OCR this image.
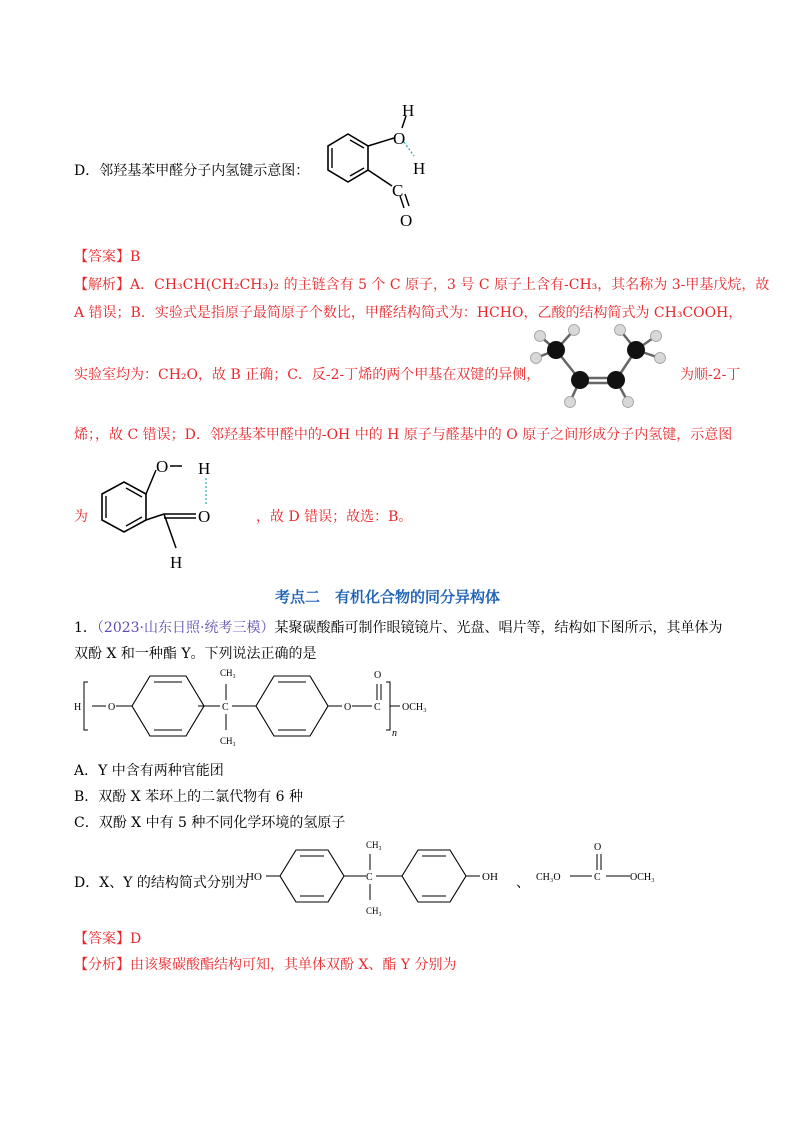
D．邻羟基苯甲醛分子内氢键示意图：
H
O
H
C
O
【答案】B
【解析】A．CH₃CH(CH₂CH₃)₂ 的主链含有 5 个 C 原子，3 号 C 原子上含有-CH₃，其名称为 3-甲基戊烷，故
A 错误；B．实验式是指原子最简原子个数比，甲醛结构简式为：HCHO，乙酸的结构简式为 CH₃COOH，
实验室均为：CH₂O，故 B 正确；C．反-2-丁烯的两个甲基在双键的异侧，	为顺-2-丁
烯；，故 C 错误；D．邻羟基苯甲醛中的-OH 中的 H 原子与醛基中的 O 原子之间形成分子内氢键，示意图
为
O H
O
H
，故 D 错误；故选：B。
考点二　有机化合物的同分异构体
1．（2023·山东日照·统考三模）某聚碳酸酯可制作眼镜镜片、光盘、唱片等，结构如下图所示，其单体为
双酚 X 和一种酯 Y。下列说法正确的是
H	O	C
CH₃
CH₃
O C
O
n
OCH₃
A．Y 中含有两种官能团
B．双酚 X 苯环上的二氯代物有 6 种
C．双酚 X 中有 5 种不同化学环境的氢原子
D．X、Y 的结构简式分别为
HO	C
CH₃
CH₃
OH 、 CH₃O	C
O
OCH₃
【答案】D
【分析】由该聚碳酸酯结构可知，其单体双酚 X、酯 Y 分别为
